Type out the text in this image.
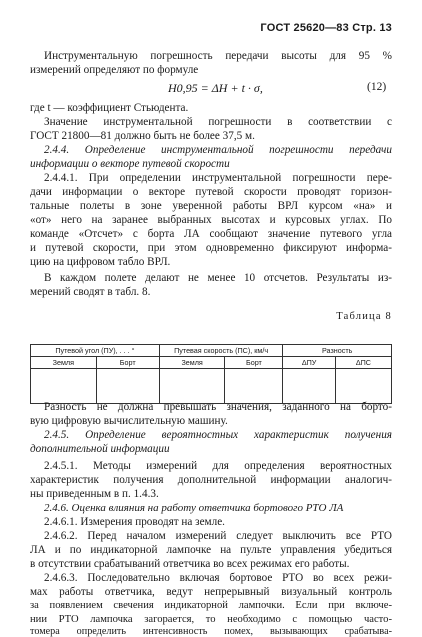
ГОСТ 25620—83 Стр. 13
Инструментальную погрешность передачи высоты для 95 %
измерений определяют по формуле
H0,95 = ΔH + t · σ,	(12)
где t — коэффициент Стьюдента.
Значение инструментальной погрешности в соответствии с
ГОСТ 21800—81 должно быть не более 37,5 м.
2.4.4. Определение инструментальной погрешности передачи
информации о векторе путевой скорости
2.4.4.1. При определении инструментальной погрешности пере-
дачи информации о векторе путевой скорости проводят горизон-
тальные полеты в зоне уверенной работы ВРЛ курсом «на» и
«от» него на заранее выбранных высотах и курсовых углах. По
команде «Отсчет» с борта ЛА сообщают значение путевого угла
и путевой скорости, при этом одновременно фиксируют информа-
цию на цифровом табло ВРЛ.
В каждом полете делают не менее 10 отсчетов. Результаты из-
мерений сводят в табл. 8.
Таблица 8
Путевой угол (ПУ), . . . °		Путевая скорость (ПС), км/ч		Разность	
Земля	Борт	Земля	Борт	ΔПУ	ΔПС

Разность не должна превышать значения, заданного на борто-
вую цифровую вычислительную машину.
2.4.5. Определение вероятностных характеристик получения
дополнительной информации
2.4.5.1. Методы измерений для определения вероятностных
характеристик получения дополнительной информации аналогич-
ны приведенным в п. 1.4.3.
2.4.6. Оценка влияния на работу ответчика бортового РТО ЛА
2.4.6.1. Измерения проводят на земле.
2.4.6.2. Перед началом измерений следует выключить все РТО
ЛА и по индикаторной лампочке на пульте управления убедиться
в отсутствии срабатываний ответчика во всех режимах его работы.
2.4.6.3. Последовательно включая бортовое РТО во всех режи-
мах работы ответчика, ведут непрерывный визуальный контроль
за появлением свечения индикаторной лампочки. Если при включе-
нии РТО лампочка загорается, то необходимо с помощью часто-
томера определить интенсивность помех, вызывающих срабатыва-
